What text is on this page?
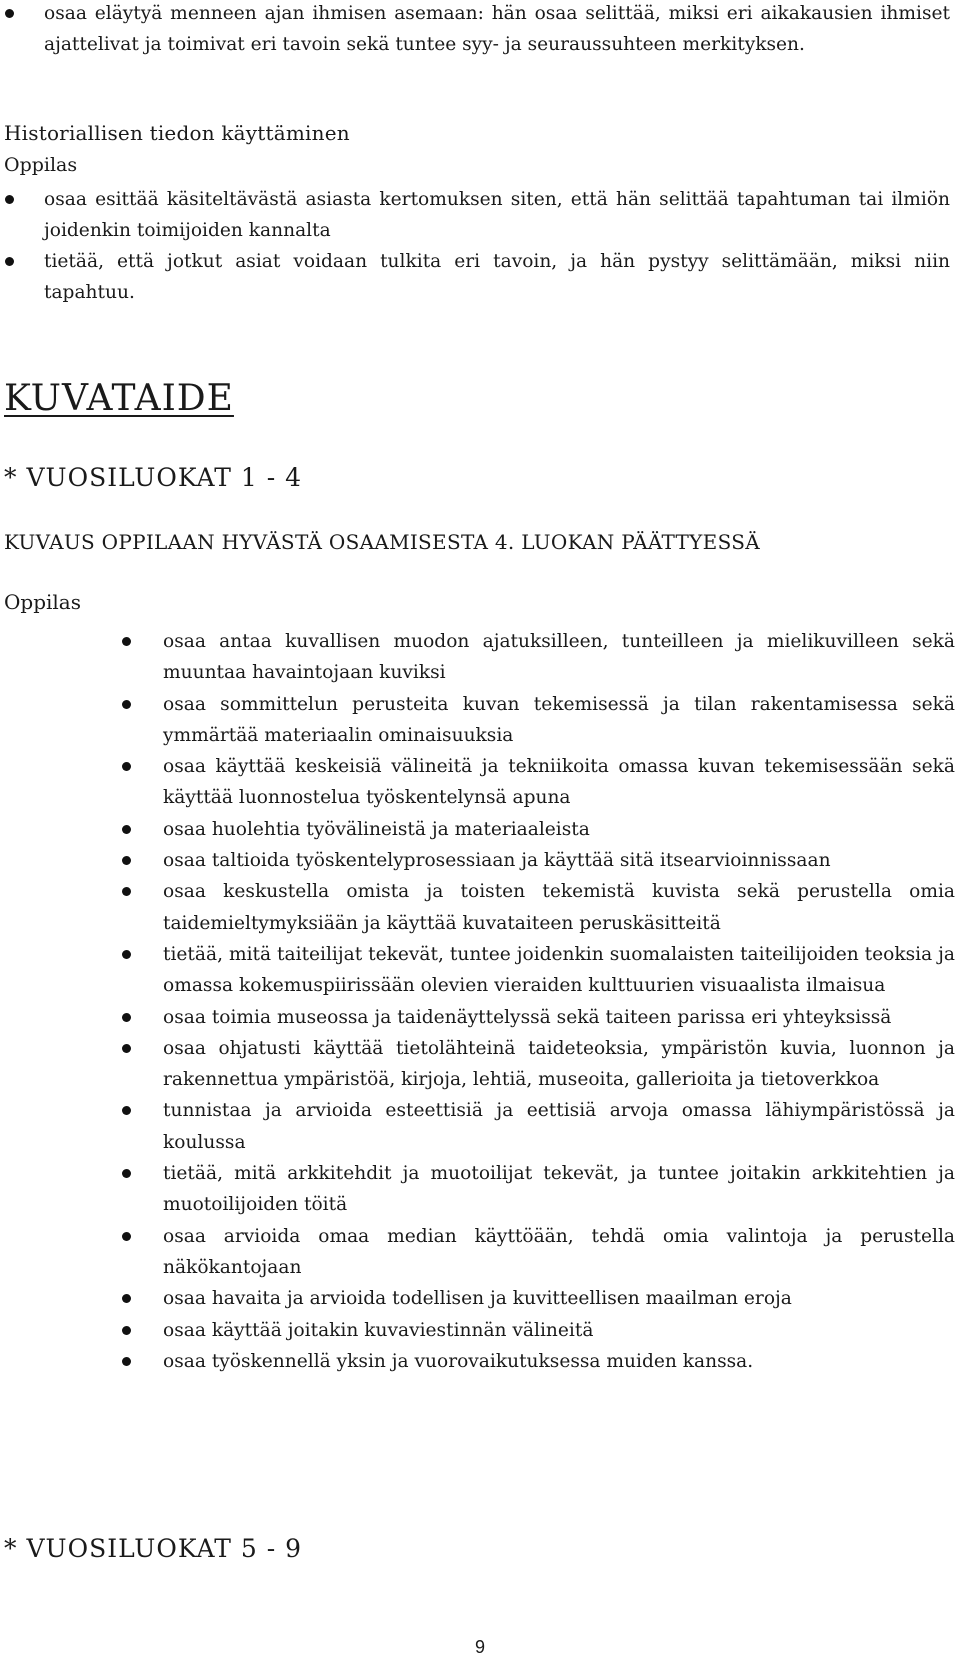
osaa eläytyä menneen ajan ihmisen asemaan: hän osaa selittää, miksi eri aikakausien ihmiset ajattelivat ja toimivat eri tavoin sekä tuntee syy- ja seuraussuhteen merkityksen.
Historiallisen tiedon käyttäminen

Oppilas

osaa esittää käsiteltävästä asiasta kertomuksen siten, että hän selittää tapahtuman tai ilmiön joidenkin toimijoiden kannalta
tietää, että jotkut asiat voidaan tulkita eri tavoin, ja hän pystyy selittämään, miksi niin tapahtuu.
KUVATAIDE
* VUOSILUOKAT 1 - 4

KUVAUS OPPILAAN HYVÄSTÄ OSAAMISESTA 4. LUOKAN PÄÄTTYESSÄ

Oppilas

osaa antaa kuvallisen muodon ajatuksilleen, tunteilleen ja mielikuvilleen sekä muuntaa havaintojaan kuviksi
osaa sommittelun perusteita kuvan tekemisessä ja tilan rakentamisessa sekä ymmärtää materiaalin ominaisuuksia
osaa käyttää keskeisiä välineitä ja tekniikoita omassa kuvan tekemisessään sekä käyttää luonnostelua työskentelynsä apuna
osaa huolehtia työvälineistä ja materiaaleista
osaa taltioida työskentelyprosessiaan ja käyttää sitä itsearvioinnissaan
osaa keskustella omista ja toisten tekemistä kuvista sekä perustella omia taidemieltymyksiään ja käyttää kuvataiteen peruskäsitteitä
tietää, mitä taiteilijat tekevät, tuntee joidenkin suomalaisten taiteilijoiden teoksia ja omassa kokemuspiirissään olevien vieraiden kulttuurien visuaalista ilmaisua
osaa toimia museossa ja taidenäyttelyssä sekä taiteen parissa eri yhteyksissä
osaa ohjatusti käyttää tietolähteinä taideteoksia, ympäristön kuvia, luonnon ja rakennettua ympäristöä, kirjoja, lehtiä, museoita, gallerioita ja tietoverkkoa
tunnistaa ja arvioida esteettisiä ja eettisiä arvoja omassa lähiympäristössä ja koulussa
tietää, mitä arkkitehdit ja muotoilijat tekevät, ja tuntee joitakin arkkitehtien ja muotoilijoiden töitä
osaa arvioida omaa median käyttöään, tehdä omia valintoja ja perustella näkökantojaan
osaa havaita ja arvioida todellisen ja kuvitteellisen maailman eroja
osaa käyttää joitakin kuvaviestinnän välineitä
osaa työskennellä yksin ja vuorovaikutuksessa muiden kanssa.
* VUOSILUOKAT 5 - 9

9
